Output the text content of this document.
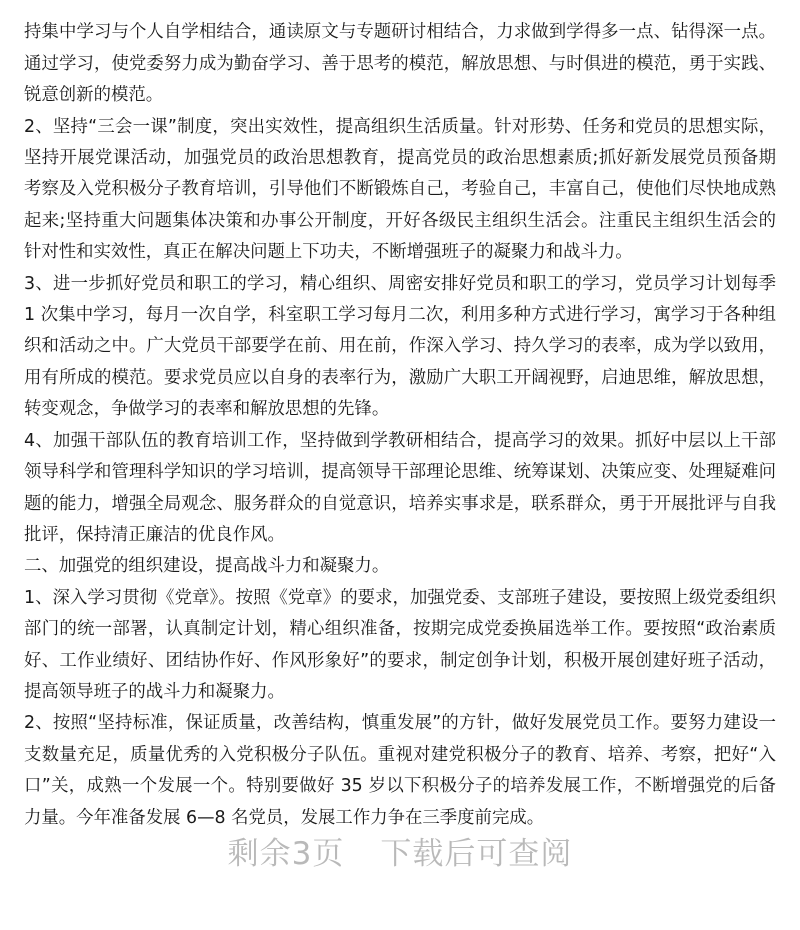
持集中学习与个人自学相结合，通读原文与专题研讨相结合，力求做到学得多一点、钻得深一点。通过学习，使党委努力成为勤奋学习、善于思考的模范，解放思想、与时俱进的模范，勇于实践、锐意创新的模范。

2、坚持“三会一课”制度，突出实效性，提高组织生活质量。针对形势、任务和党员的思想实际，坚持开展党课活动，加强党员的政治思想教育，提高党员的政治思想素质;抓好新发展党员预备期考察及入党积极分子教育培训，引导他们不断锻炼自己，考验自己，丰富自己，使他们尽快地成熟起来;坚持重大问题集体决策和办事公开制度，开好各级民主组织生活会。注重民主组织生活会的针对性和实效性，真正在解决问题上下功夫，不断增强班子的凝聚力和战斗力。

3、进一步抓好党员和职工的学习，精心组织、周密安排好党员和职工的学习，党员学习计划每季 1 次集中学习，每月一次自学，科室职工学习每月二次，利用多种方式进行学习，寓学习于各种组织和活动之中。广大党员干部要学在前、用在前，作深入学习、持久学习的表率，成为学以致用，用有所成的模范。要求党员应以自身的表率行为，激励广大职工开阔视野，启迪思维，解放思想，转变观念，争做学习的表率和解放思想的先锋。

4、加强干部队伍的教育培训工作，坚持做到学教研相结合，提高学习的效果。抓好中层以上干部领导科学和管理科学知识的学习培训，提高领导干部理论思维、统筹谋划、决策应变、处理疑难问题的能力，增强全局观念、服务群众的自觉意识，培养实事求是，联系群众，勇于开展批评与自我批评，保持清正廉洁的优良作风。

二、加强党的组织建设，提高战斗力和凝聚力。

1、深入学习贯彻《党章》。按照《党章》的要求，加强党委、支部班子建设，要按照上级党委组织部门的统一部署，认真制定计划，精心组织准备，按期完成党委换届选举工作。要按照“政治素质好、工作业绩好、团结协作好、作风形象好”的要求，制定创争计划，积极开展创建好班子活动，提高领导班子的战斗力和凝聚力。

2、按照“坚持标准，保证质量，改善结构，慎重发展”的方针，做好发展党员工作。要努力建设一支数量充足，质量优秀的入党积极分子队伍。重视对建党积极分子的教育、培养、考察，把好“入口”关，成熟一个发展一个。特别要做好 35 岁以下积极分子的培养发展工作，不断增强党的后备力量。今年准备发展 6—8 名党员，发展工作力争在三季度前完成。

剩余3页 下载后可查阅
